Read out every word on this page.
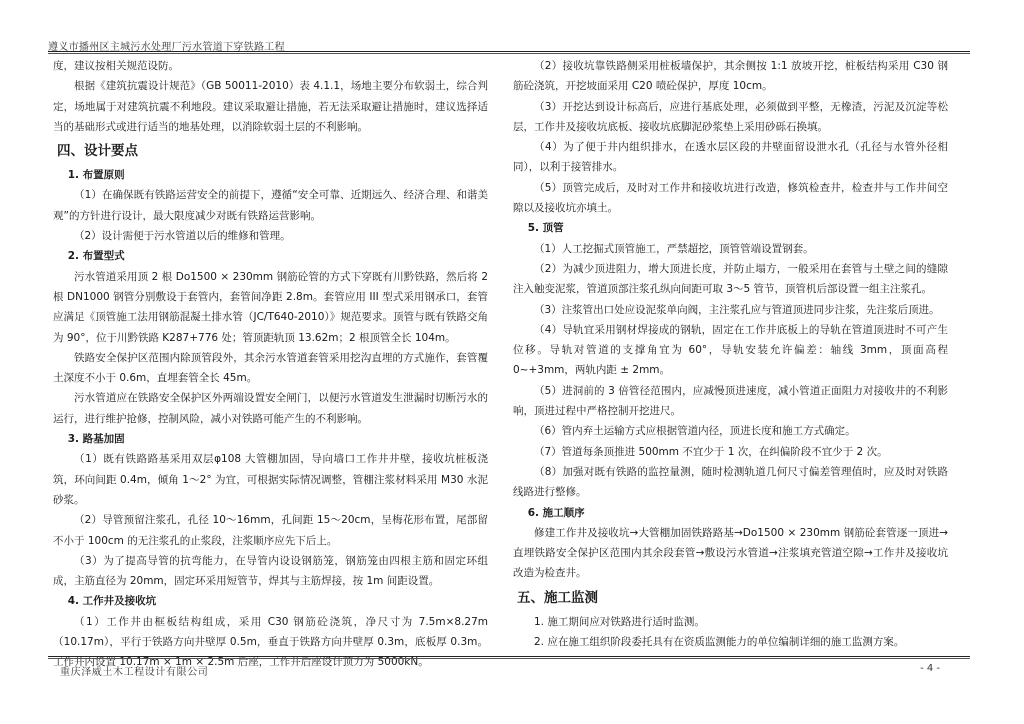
遵义市播州区主城污水处理厂污水管道下穿铁路工程

度，建议按相关规范设防。

根据《建筑抗震设计规范》（GB 50011-2010）表 4.1.1，场地主要分布软弱土，综合判定，场地属于对建筑抗震不利地段。建议采取避让措施，若无法采取避让措施时，建议选择适当的基础形式或进行适当的地基处理，以消除软弱土层的不利影响。

四、设计要点

1. 布置原则

（1）在确保既有铁路运营安全的前提下，遵循“安全可靠、近期远久、经济合理、和谐美观”的方针进行设计，最大限度减少对既有铁路运营影响。

（2）设计需便于污水管道以后的维修和管理。

2. 布置型式

污水管道采用顶 2 根 Do1500 × 230mm 钢筋砼管的方式下穿既有川黔铁路，然后将 2 根 DN1000 钢管分别敷设于套管内，套管间净距 2.8m。套管应用 III 型式采用钢承口，套管应满足《顶管施工法用钢筋混凝土排水管（JC/T640-2010）》规范要求。顶管与既有铁路交角为 90°，位于川黔铁路 K287+776 处；管顶距轨顶 13.62m；2 根顶管全长 104m。

铁路安全保护区范围内除顶管段外，其余污水管道套管采用挖沟直埋的方式施作，套管覆土深度不小于 0.6m，直埋套管全长 45m。

污水管道应在铁路安全保护区外两端设置安全闸门，以便污水管道发生泄漏时切断污水的运行，进行维护抢修，控制风险，减小对铁路可能产生的不利影响。

3. 路基加固

（1）既有铁路路基采用双层φ108 大管棚加固，导向墙口工作井井壁，接收坑桩板浇筑，环向间距 0.4m，倾角 1～2° 为宜，可根据实际情况调整，管棚注浆材料采用 M30 水泥砂浆。

（2）导管预留注浆孔，孔径 10～16mm，孔间距 15～20cm，呈梅花形布置，尾部留不小于 100cm 的无注浆孔的止浆段，注浆顺序应先下后上。

（3）为了提高导管的抗弯能力，在导管内设设钢筋笼，钢筋笼由四根主筋和固定环组成，主筋直径为 20mm，固定环采用短管节，焊其与主筋焊接，按 1m 间距设置。

4. 工作井及接收坑

（1）工作井由框板结构组成，采用 C30 钢筋砼浇筑，净尺寸为 7.5m×8.27m（10.17m），平行于铁路方向井壁厚 0.5m，垂直于铁路方向井壁厚 0.3m，底板厚 0.3m。工作井内设置 10.17m × 1m × 2.5m 后座，工作井后座设计顶力为 5000kN。

（2）接收坑靠铁路侧采用桩板墙保护，其余侧按 1:1 放坡开挖，桩板结构采用 C30 钢筋砼浇筑，开挖坡面采用 C20 喷砼保护，厚度 10cm。

（3）开挖达到设计标高后，应进行基底处理，必须做到平整，无橡渣，污泥及沉淀等松层，工作井及接收坑底板、接收坑底脚泥砂浆垫上采用砂砾石换填。

（4）为了便于井内组织排水，在透水层区段的井壁面留设泄水孔（孔径与水管外径相同），以利于接管排水。

（5）顶管完成后，及时对工作井和接收坑进行改造，修筑检查井，检查井与工作井间空隙以及接收坑亦填土。

5. 顶管

（1）人工挖掘式顶管施工，严禁超挖，顶管管端设置钢套。

（2）为减少顶进阻力，增大顶进长度，并防止塌方，一般采用在套管与土壁之间的缝隙注入触变泥浆，管道顶部注浆孔纵向间距可取 3～5 管节，顶管机后部设置一组主注浆孔。

（3）注浆管出口处应设泥浆单向阀，主注浆孔应与管道顶进同步注浆，先注浆后顶进。

（4）导轨宜采用钢材焊接成的钢轨，固定在工作井底板上的导轨在管道顶进时不可产生位移。导轨对管道的支撑角宜为 60°，导轨安装允许偏差：轴线 3mm，顶面高程 0~+3mm，两轨内距 ± 2mm。

（5）进洞前的 3 倍管径范围内，应减慢顶进速度，减小管道正面阻力对接收井的不利影响，顶进过程中严格控制开挖进尺。

（6）管内弃土运输方式应根据管道内径，顶进长度和施工方式确定。

（7）管道每条顶推进 500mm 不宜少于 1 次，在纠偏阶段不宜少于 2 次。

（8）加强对既有铁路的监控量测，随时检测轨道几何尺寸偏差管理值时，应及时对铁路线路进行整修。

6. 施工顺序

修建工作井及接收坑→大管棚加固铁路路基→Do1500 × 230mm 钢筋砼套管逐一顶进→直埋铁路安全保护区范围内其余段套管→敷设污水管道→注浆填充管道空隙→工作井及接收坑改造为检查井。

五、施工监测

1. 施工期间应对铁路进行适时监测。

2. 应在施工组织阶段委托具有在资质监测能力的单位编制详细的施工监测方案。

重庆泽威土木工程设计有限公司	- 4 -
